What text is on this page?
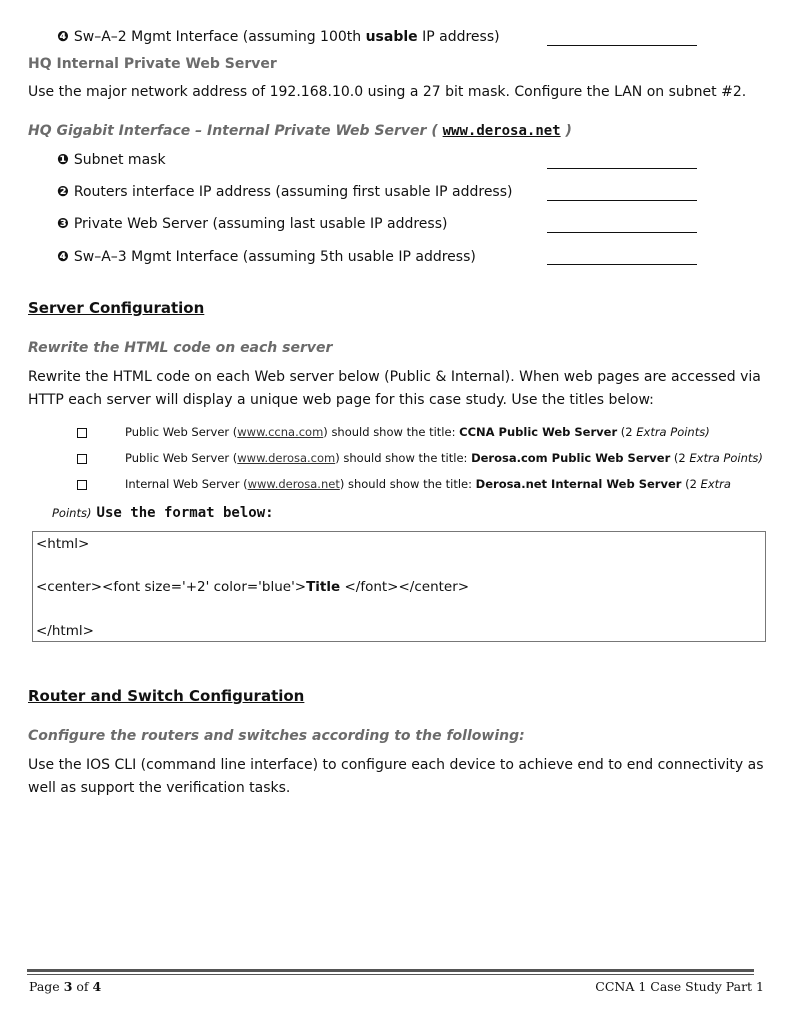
❹ Sw–A–2 Mgmt Interface (assuming 100th usable IP address)
HQ Internal Private Web Server
Use the major network address of 192.168.10.0 using a 27 bit mask. Configure the LAN on subnet #2.
HQ Gigabit Interface – Internal Private Web Server ( www.derosa.net )
❶ Subnet mask
❷ Routers interface IP address (assuming first usable IP address)
❸ Private Web Server (assuming last usable IP address)
❹ Sw–A–3 Mgmt Interface (assuming 5th usable IP address)
Server Configuration
Rewrite the HTML code on each server
Rewrite the HTML code on each Web server below (Public & Internal). When web pages are accessed via HTTP each server will display a unique web page for this case study. Use the titles below:
Public Web Server (www.ccna.com) should show the title: CCNA Public Web Server (2 Extra Points)
Public Web Server (www.derosa.com) should show the title: Derosa.com Public Web Server (2 Extra Points)
Internal Web Server (www.derosa.net) should show the title: Derosa.net Internal Web Server (2 Extra
Points) Use the format below:
<html>
<center><font size='+2' color='blue'>Title </font></center>
</html>
Router and Switch Configuration
Configure the routers and switches according to the following:
Use the IOS CLI (command line interface) to configure each device to achieve end to end connectivity as well as support the verification tasks.
Page 3 of 4	CCNA 1 Case Study Part 1
